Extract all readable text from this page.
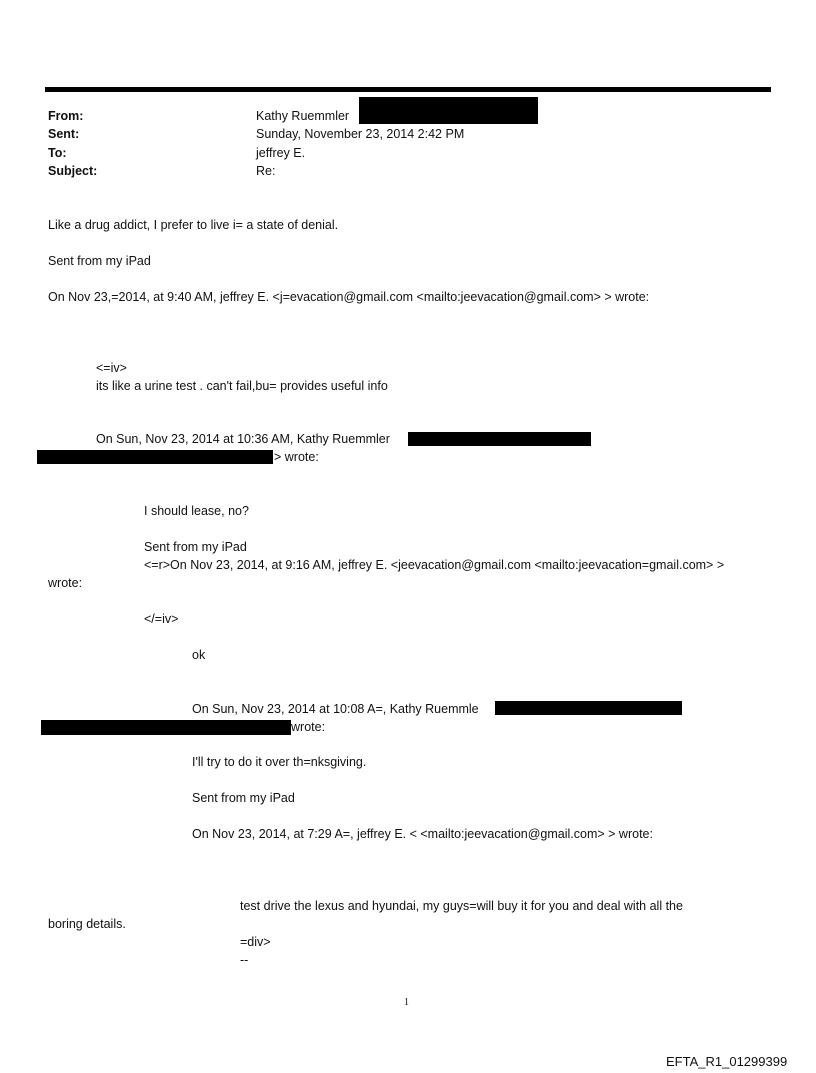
From:	Kathy Ruemmler
Sent:	Sunday, November 23, 2014 2:42 PM
To:	jeffrey E.
Subject:	Re:
Like a drug addict, I prefer to live i= a state of denial.
Sent from my iPad
On Nov 23,=2014, at 9:40 AM, jeffrey E. <j=evacation@gmail.com <mailto:jeevacation@gmail.com> > wrote:
<=iv>
its like a urine test . can't fail,bu= provides useful info
On Sun, Nov 23, 2014 at 10:36 AM, Kathy Ruemmler
> wrote:
I should lease, no?
Sent from my iPad
<=r>On Nov 23, 2014, at 9:16 AM, jeffrey E. <jeevacation@gmail.com <mailto:jeevacation=gmail.com> >
wrote:
</=iv>
ok
On Sun, Nov 23, 2014 at 10:08 A=, Kathy Ruemmle
wrote:
I'll try to do it over th=nksgiving.
Sent from my iPad
On Nov 23, 2014, at 7:29 A=, jeffrey E. < <mailto:jeevacation@gmail.com> > wrote:
test drive the lexus and hyundai, my guys=will buy it for you and deal with all the
boring details.
=div>
--
1
EFTA_R1_01299399
